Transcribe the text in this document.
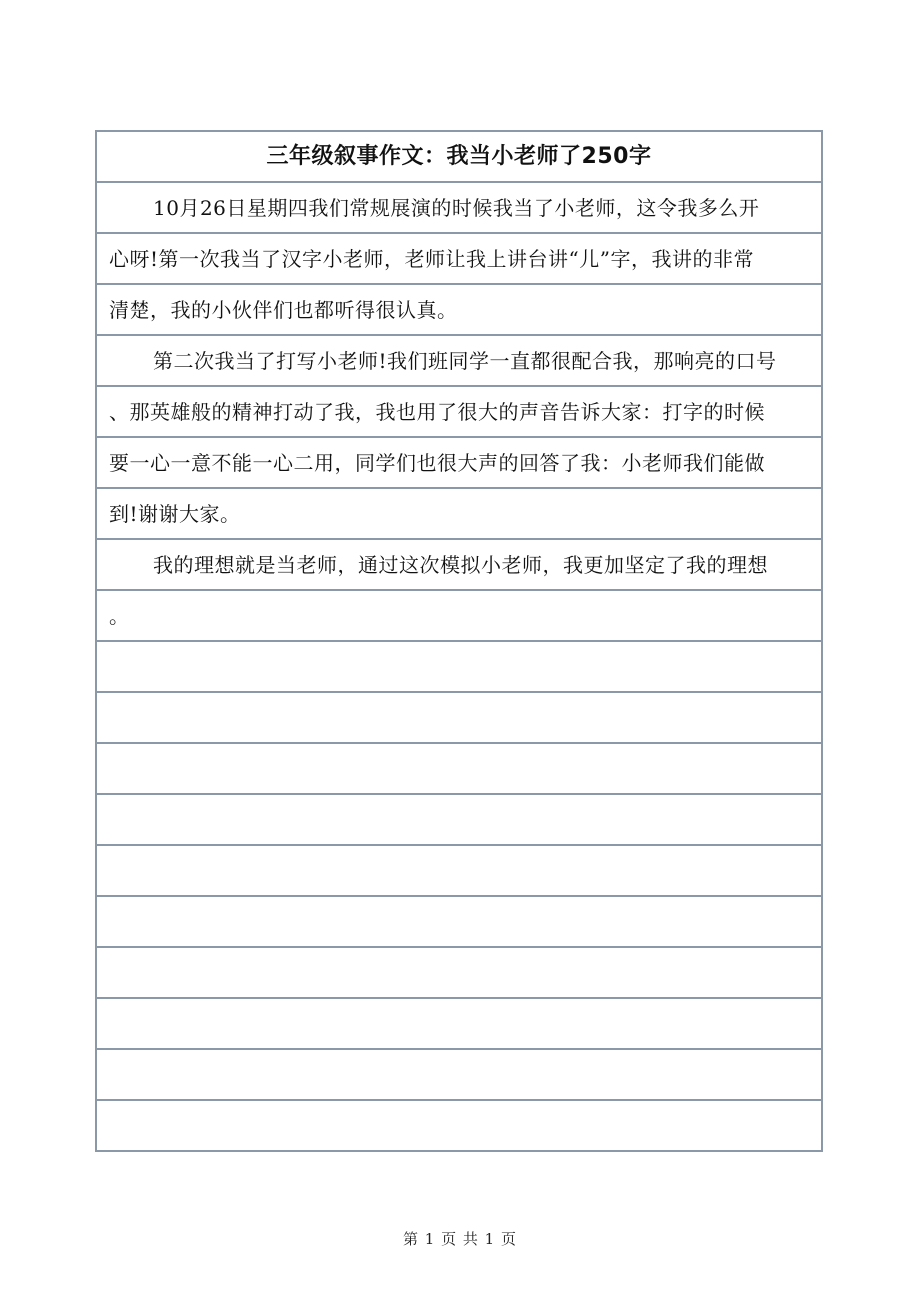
三年级叙事作文：我当小老师了250字
10月26日星期四我们常规展演的时候我当了小老师，这令我多么开
心呀!第一次我当了汉字小老师，老师让我上讲台讲“儿”字，我讲的非常
清楚，我的小伙伴们也都听得很认真。
第二次我当了打写小老师!我们班同学一直都很配合我，那响亮的口号
、那英雄般的精神打动了我，我也用了很大的声音告诉大家：打字的时候
要一心一意不能一心二用，同学们也很大声的回答了我：小老师我们能做
到!谢谢大家。
我的理想就是当老师，通过这次模拟小老师，我更加坚定了我的理想
。
第 1 页 共 1 页
